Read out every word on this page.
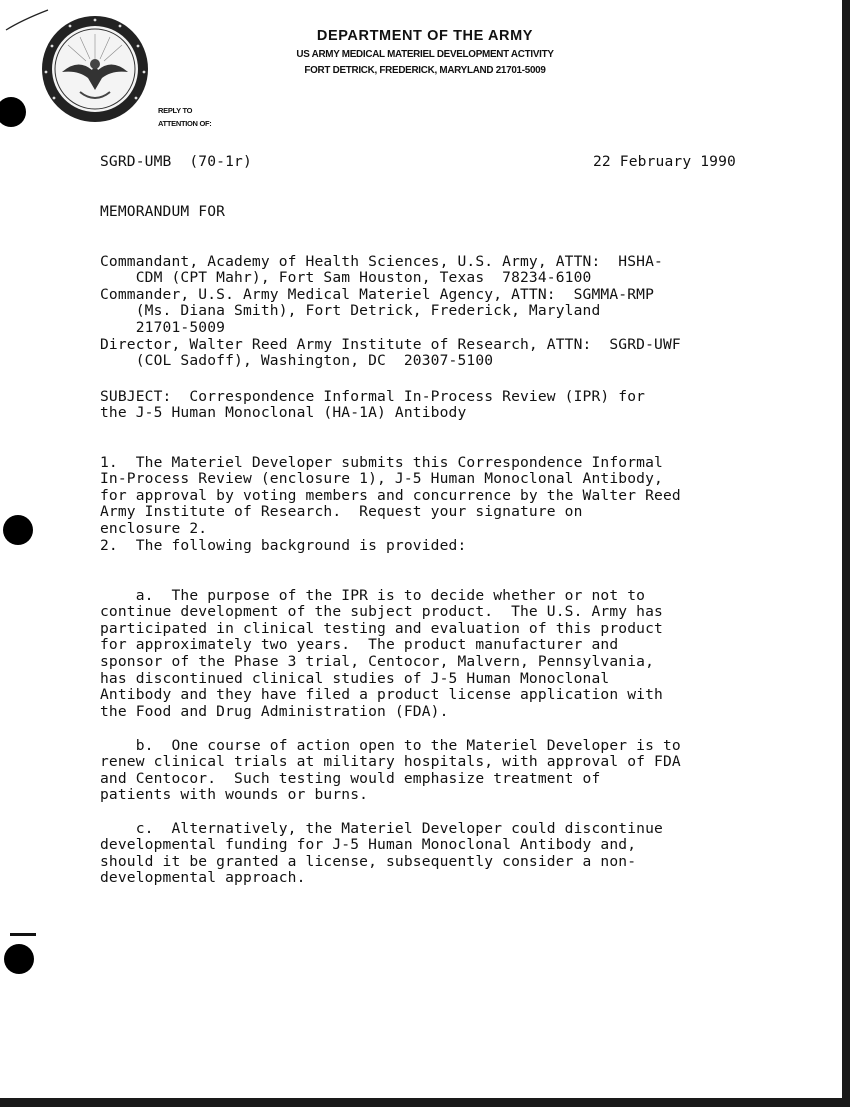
DEPARTMENT OF THE ARMY
US ARMY MEDICAL MATERIEL DEVELOPMENT ACTIVITY
FORT DETRICK, FREDERICK, MARYLAND 21701-5009
REPLY TO
ATTENTION OF:
SGRD-UMB  (70-1r)	22 February 1990
MEMORANDUM FOR

Commandant, Academy of Health Sciences, U.S. Army, ATTN:  HSHA-
CDM (CPT Mahr), Fort Sam Houston, Texas  78234-6100
Commander, U.S. Army Medical Materiel Agency, ATTN:  SGMMA-RMP
(Ms. Diana Smith), Fort Detrick, Frederick, Maryland
21701-5009
Director, Walter Reed Army Institute of Research, ATTN:  SGRD-UWF
(COL Sadoff), Washington, DC  20307-5100

SUBJECT:  Correspondence Informal In-Process Review (IPR) for
the J-5 Human Monoclonal (HA-1A) Antibody

1.  The Materiel Developer submits this Correspondence Informal
In-Process Review (enclosure 1), J-5 Human Monoclonal Antibody,
for approval by voting members and concurrence by the Walter Reed
Army Institute of Research.  Request your signature on
enclosure 2.

2.  The following background is provided:

a.  The purpose of the IPR is to decide whether or not to
continue development of the subject product.  The U.S. Army has
participated in clinical testing and evaluation of this product
for approximately two years.  The product manufacturer and
sponsor of the Phase 3 trial, Centocor, Malvern, Pennsylvania,
has discontinued clinical studies of J-5 Human Monoclonal
Antibody and they have filed a product license application with
the Food and Drug Administration (FDA).

b.  One course of action open to the Materiel Developer is to
renew clinical trials at military hospitals, with approval of FDA
and Centocor.  Such testing would emphasize treatment of
patients with wounds or burns.

c.  Alternatively, the Materiel Developer could discontinue
developmental funding for J-5 Human Monoclonal Antibody and,
should it be granted a license, subsequently consider a non-
developmental approach.
